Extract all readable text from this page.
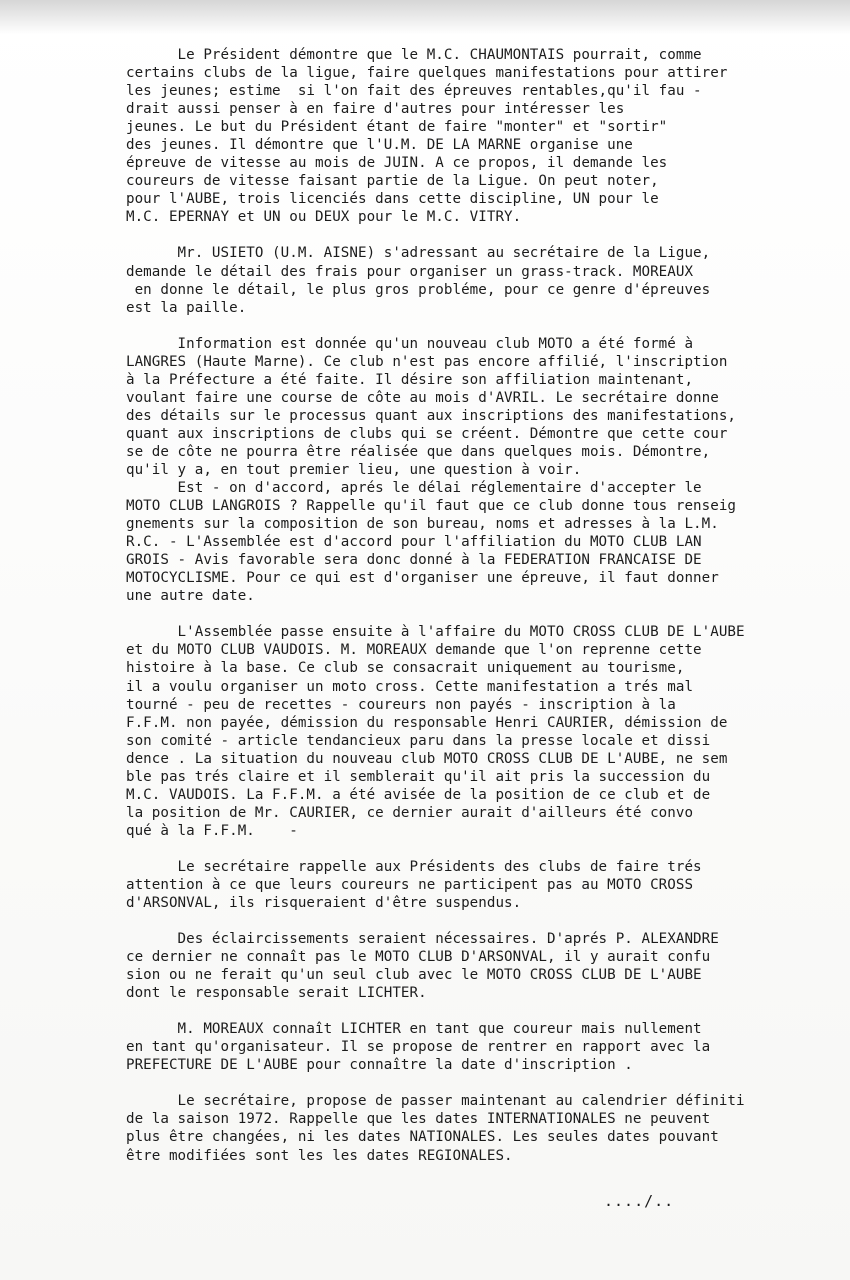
Le Président démontre que le M.C. CHAUMONTAIS pourrait, comme
certains clubs de la ligue, faire quelques manifestations pour attirer
les jeunes; estime  si l'on fait des épreuves rentables,qu'il fau -
drait aussi penser à en faire d'autres pour intéresser les
jeunes. Le but du Président étant de faire "monter" et "sortir"
des jeunes. Il démontre que l'U.M. DE LA MARNE organise une
épreuve de vitesse au mois de JUIN. A ce propos, il demande les
coureurs de vitesse faisant partie de la Ligue. On peut noter,
pour l'AUBE, trois licenciés dans cette discipline, UN pour le
M.C. EPERNAY et UN ou DEUX pour le M.C. VITRY.
Mr. USIETO (U.M. AISNE) s'adressant au secrétaire de la Ligue,
demande le détail des frais pour organiser un grass-track. MOREAUX
en donne le détail, le plus gros probléme, pour ce genre d'épreuves
est la paille.
Information est donnée qu'un nouveau club MOTO a été formé à
LANGRES (Haute Marne). Ce club n'est pas encore affilié, l'inscription
à la Préfecture a été faite. Il désire son affiliation maintenant,
voulant faire une course de côte au mois d'AVRIL. Le secrétaire donne
des détails sur le processus quant aux inscriptions des manifestations,
quant aux inscriptions de clubs qui se créent. Démontre que cette cour
se de côte ne pourra être réalisée que dans quelques mois. Démontre,
qu'il y a, en tout premier lieu, une question à voir.
Est - on d'accord, aprés le délai réglementaire d'accepter le
MOTO CLUB LANGROIS ? Rappelle qu'il faut que ce club donne tous renseig
gnements sur la composition de son bureau, noms et adresses à la L.M.
R.C. - L'Assemblée est d'accord pour l'affiliation du MOTO CLUB LAN
GROIS - Avis favorable sera donc donné à la FEDERATION FRANCAISE DE
MOTOCYCLISME. Pour ce qui est d'organiser une épreuve, il faut donner
une autre date.
L'Assemblée passe ensuite à l'affaire du MOTO CROSS CLUB DE L'AUBE
et du MOTO CLUB VAUDOIS. M. MOREAUX demande que l'on reprenne cette
histoire à la base. Ce club se consacrait uniquement au tourisme,
il a voulu organiser un moto cross. Cette manifestation a trés mal
tourné - peu de recettes - coureurs non payés - inscription à la
F.F.M. non payée, démission du responsable Henri CAURIER, démission de
son comité - article tendancieux paru dans la presse locale et dissi
dence . La situation du nouveau club MOTO CROSS CLUB DE L'AUBE, ne sem
ble pas trés claire et il semblerait qu'il ait pris la succession du
M.C. VAUDOIS. La F.F.M. a été avisée de la position de ce club et de
la position de Mr. CAURIER, ce dernier aurait d'ailleurs été convo
qué à la F.F.M.    -
Le secrétaire rappelle aux Présidents des clubs de faire trés
attention à ce que leurs coureurs ne participent pas au MOTO CROSS
d'ARSONVAL, ils risqueraient d'être suspendus.
Des éclaircissements seraient nécessaires. D'aprés P. ALEXANDRE
ce dernier ne connaît pas le MOTO CLUB D'ARSONVAL, il y aurait confu
sion ou ne ferait qu'un seul club avec le MOTO CROSS CLUB DE L'AUBE
dont le responsable serait LICHTER.
M. MOREAUX connaît LICHTER en tant que coureur mais nullement
en tant qu'organisateur. Il se propose de rentrer en rapport avec la
PREFECTURE DE L'AUBE pour connaître la date d'inscription .
Le secrétaire, propose de passer maintenant au calendrier définiti
de la saison 1972. Rappelle que les dates INTERNATIONALES ne peuvent
plus être changées, ni les dates NATIONALES. Les seules dates pouvant
être modifiées sont les les dates REGIONALES.
..../..
